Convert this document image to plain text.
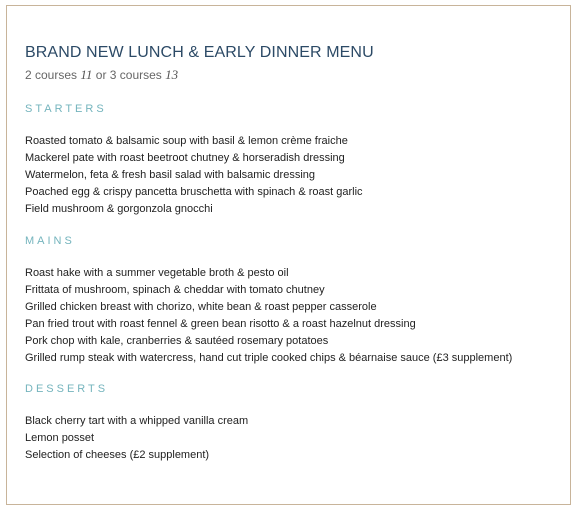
BRAND NEW LUNCH & EARLY DINNER MENU

2 courses 11 or 3 courses 13

STARTERS
Roasted tomato & balsamic soup with basil & lemon crème fraiche
Mackerel pate with roast beetroot chutney & horseradish dressing
Watermelon, feta & fresh basil salad with balsamic dressing
Poached egg & crispy pancetta bruschetta with spinach & roast garlic
Field mushroom & gorgonzola gnocchi
MAINS
Roast hake with a summer vegetable broth & pesto oil
Frittata of mushroom, spinach & cheddar with tomato chutney
Grilled chicken breast with chorizo, white bean & roast pepper casserole
Pan fried trout with roast fennel & green bean risotto & a roast hazelnut dressing
Pork chop with kale, cranberries & sautéed rosemary potatoes
Grilled rump steak with watercress, hand cut triple cooked chips & béarnaise sauce (£3 supplement)
DESSERTS
Black cherry tart with a whipped vanilla cream
Lemon posset
Selection of cheeses (£2 supplement)
